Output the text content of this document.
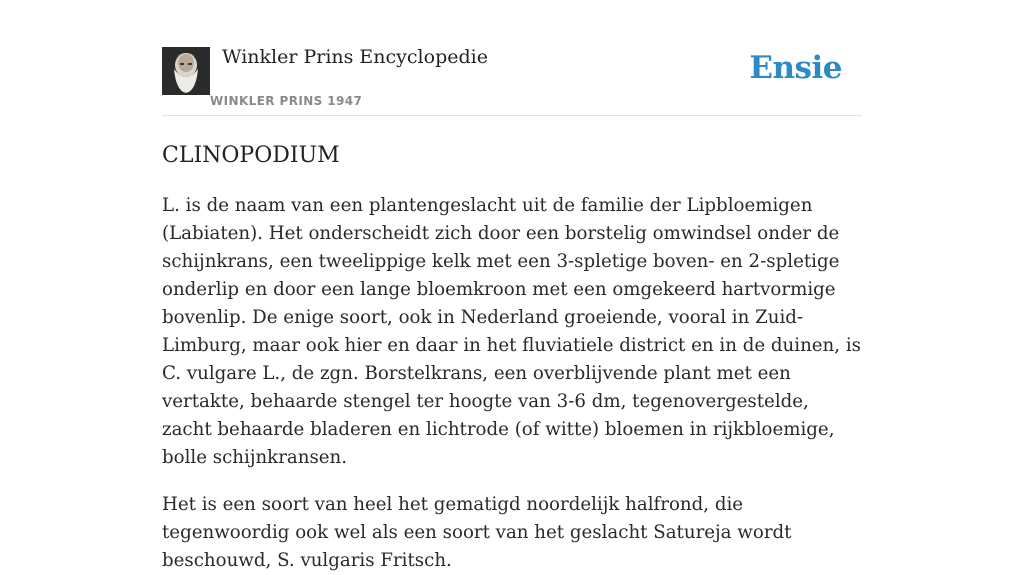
Winkler Prins Encyclopedie
WINKLER PRINS 1947
Ensie
CLINOPODIUM

L. is de naam van een plantengeslacht uit de familie der Lipbloemigen (Labiaten). Het onderscheidt zich door een borstelig omwindsel onder de schijnkrans, een tweelippige kelk met een 3-spletige boven- en 2-spletige onderlip en door een lange bloemkroon met een omgekeerd hartvormige bovenlip. De enige soort, ook in Nederland groeiende, vooral in Zuid-Limburg, maar ook hier en daar in het fluviatiele district en in de duinen, is C. vulgare L., de zgn. Borstelkrans, een overblijvende plant met een vertakte, behaarde stengel ter hoogte van 3-6 dm, tegenovergestelde, zacht behaarde bladeren en lichtrode (of witte) bloemen in rijkbloemige, bolle schijnkransen.

Het is een soort van heel het gematigd noordelijk halfrond, die tegenwoordig ook wel als een soort van het geslacht Satureja wordt beschouwd, S. vulgaris Fritsch.
